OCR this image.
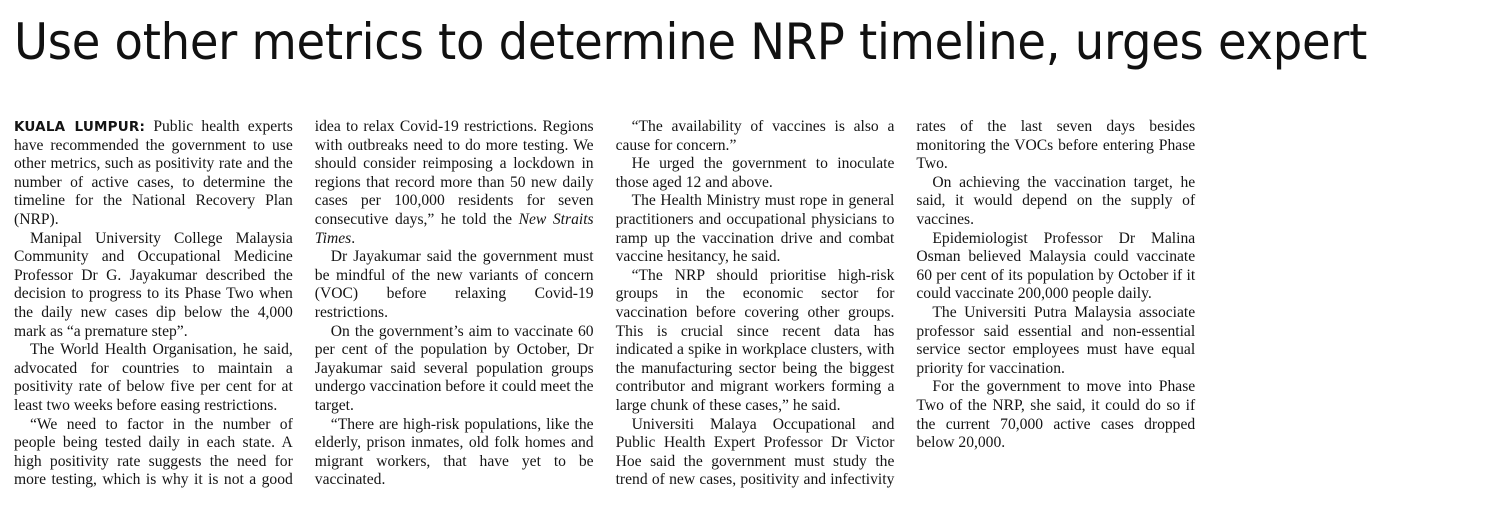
Use other metrics to determine NRP timeline, urges expert

KUALA LUMPUR: Public health experts have recommended the government to use other metrics, such as positivity rate and the number of active cases, to determine the timeline for the National Recovery Plan (NRP).

Manipal University College Malaysia Community and Occupational Medicine Professor Dr G. Jayakumar described the decision to progress to its Phase Two when the daily new cases dip below the 4,000 mark as “a premature step”.

The World Health Organisation, he said, advocated for countries to maintain a positivity rate of below five per cent for at least two weeks before easing restrictions.

“We need to factor in the number of people being tested daily in each state. A high positivity rate suggests the need for more testing, which is why it is not a good idea to relax Covid-19 restrictions. Regions with outbreaks need to do more testing. We should consider reimposing a lockdown in regions that record more than 50 new daily cases per 100,000 residents for seven consecutive days,” he told the New Straits Times.

Dr Jayakumar said the government must be mindful of the new variants of concern (VOC) before relaxing Covid-19 restrictions.

On the government’s aim to vaccinate 60 per cent of the population by October, Dr Jayakumar said several population groups undergo vaccination before it could meet the target.

“There are high-risk populations, like the elderly, prison inmates, old folk homes and migrant workers, that have yet to be vaccinated.

“The availability of vaccines is also a cause for concern.”

He urged the government to inoculate those aged 12 and above.

The Health Ministry must rope in general practitioners and occupational physicians to ramp up the vaccination drive and combat vaccine hesitancy, he said.

“The NRP should prioritise high-risk groups in the economic sector for vaccination before covering other groups. This is crucial since recent data has indicated a spike in workplace clusters, with the manufacturing sector being the biggest contributor and migrant workers forming a large chunk of these cases,” he said.

Universiti Malaya Occupational and Public Health Expert Professor Dr Victor Hoe said the government must study the trend of new cases, positivity and infectivity rates of the last seven days besides monitoring the VOCs before entering Phase Two.

On achieving the vaccination target, he said, it would depend on the supply of vaccines.

Epidemiologist Professor Dr Malina Osman believed Malaysia could vaccinate 60 per cent of its population by October if it could vaccinate 200,000 people daily.

The Universiti Putra Malaysia associate professor said essential and non-essential service sector employees must have equal priority for vaccination.

For the government to move into Phase Two of the NRP, she said, it could do so if the current 70,000 active cases dropped below 20,000.
